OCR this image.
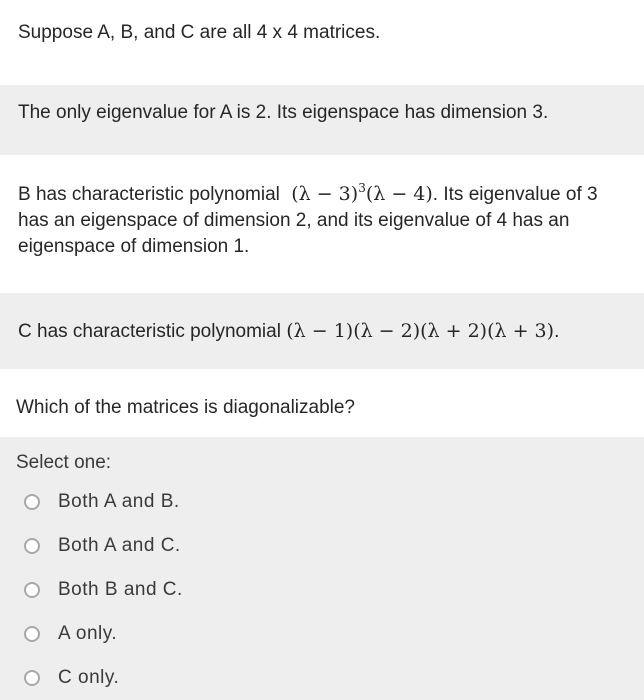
Suppose A, B, and C are all 4 x 4 matrices.
The only eigenvalue for A is 2. Its eigenspace has dimension 3.
B has characteristic polynomial $(\lambda - 3)^3(\lambda - 4)$. Its eigenvalue of 3
has an eigenspace of dimension 2, and its eigenvalue of 4 has an
eigenspace of dimension 1.
C has characteristic polynomial (λ − 1)(λ − 2)(λ + 2)(λ + 3).
Which of the matrices is diagonalizable?
Select one:
Both A and B.
Both A and C.
Both B and C.
A only.
C only.
